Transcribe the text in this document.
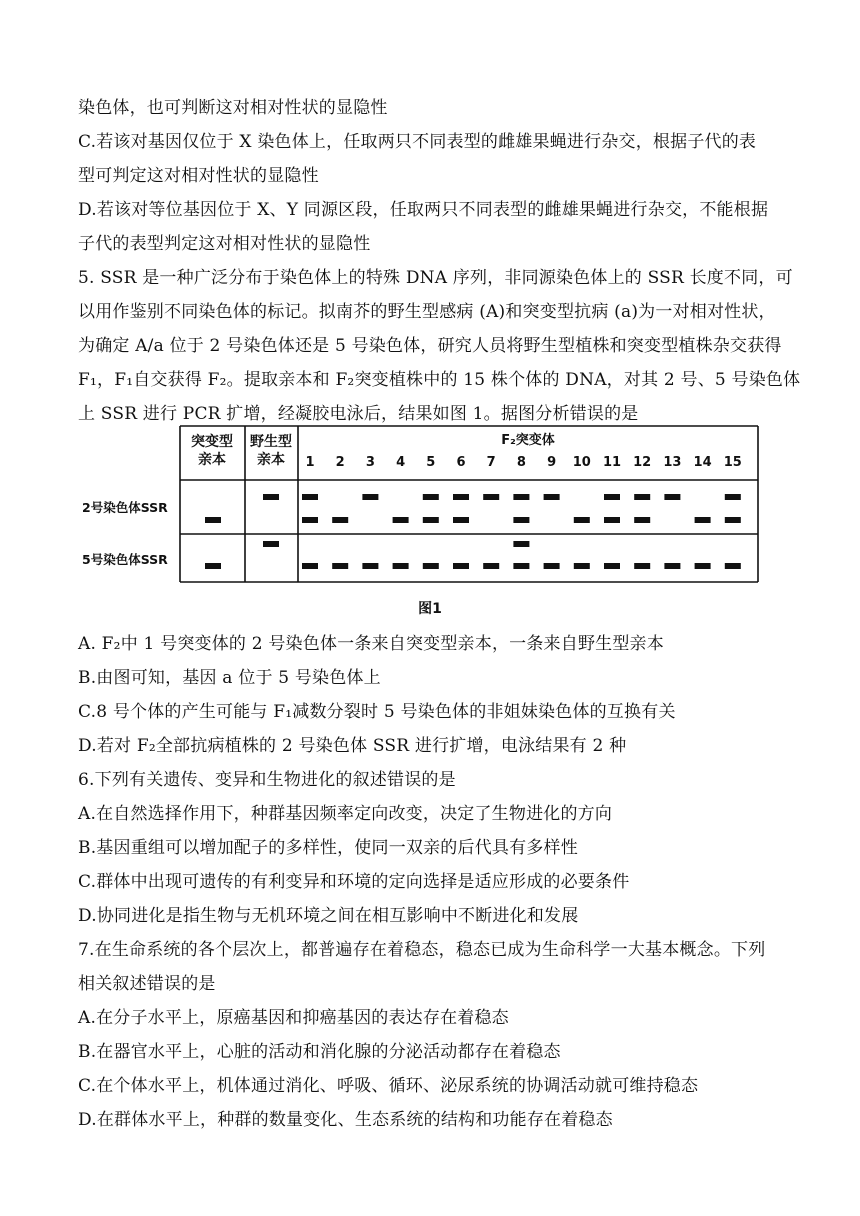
染色体，也可判断这对相对性状的显隐性

C.若该对基因仅位于 X 染色体上，任取两只不同表型的雌雄果蝇进行杂交，根据子代的表

型可判定这对相对性状的显隐性

D.若该对等位基因位于 X、Y 同源区段，任取两只不同表型的雌雄果蝇进行杂交，不能根据

子代的表型判定这对相对性状的显隐性

5. SSR 是一种广泛分布于染色体上的特殊 DNA 序列，非同源染色体上的 SSR 长度不同，可

以用作鉴别不同染色体的标记。拟南芥的野生型感病 (A)和突变型抗病 (a)为一对相对性状，

为确定 A/a 位于 2 号染色体还是 5 号染色体，研究人员将野生型植株和突变型植株杂交获得

F₁，F₁自交获得 F₂。提取亲本和 F₂突变植株中的 15 株个体的 DNA，对其 2 号、5 号染色体

上 SSR 进行 PCR 扩增，经凝胶电泳后，结果如图 1。据图分析错误的是

突变型
亲本
野生型
亲本
F₂突变体
1 2 3 4 5 6 7 8 9 10 11 12 13 14 15
2号染色体SSR
5号染色体SSR
图1

A. F₂中 1 号突变体的 2 号染色体一条来自突变型亲本，一条来自野生型亲本

B.由图可知，基因 a 位于 5 号染色体上

C.8 号个体的产生可能与 F₁减数分裂时 5 号染色体的非姐妹染色体的互换有关

D.若对 F₂全部抗病植株的 2 号染色体 SSR 进行扩增，电泳结果有 2 种

6.下列有关遗传、变异和生物进化的叙述错误的是

A.在自然选择作用下，种群基因频率定向改变，决定了生物进化的方向

B.基因重组可以增加配子的多样性，使同一双亲的后代具有多样性

C.群体中出现可遗传的有利变异和环境的定向选择是适应形成的必要条件

D.协同进化是指生物与无机环境之间在相互影响中不断进化和发展

7.在生命系统的各个层次上，都普遍存在着稳态，稳态已成为生命科学一大基本概念。下列

相关叙述错误的是

A.在分子水平上，原癌基因和抑癌基因的表达存在着稳态

B.在器官水平上，心脏的活动和消化腺的分泌活动都存在着稳态

C.在个体水平上，机体通过消化、呼吸、循环、泌尿系统的协调活动就可维持稳态

D.在群体水平上，种群的数量变化、生态系统的结构和功能存在着稳态
